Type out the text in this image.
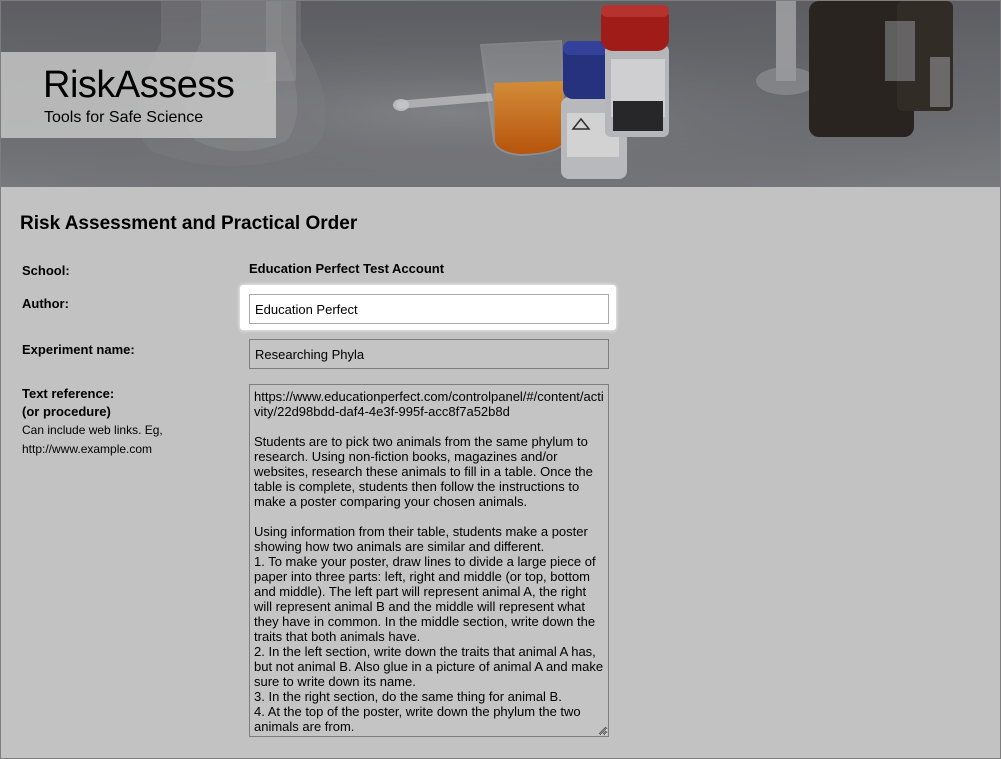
RiskAssess
Tools for Safe Science
Risk Assessment and Practical Order
School:	Education Perfect Test Account
Author:
Education Perfect
Experiment name:
Researching Phyla
Text reference:
(or procedure)
Can include web links. Eg,
http://www.example.com
https://www.educationperfect.com/controlpanel/#/content/activity/22d98bdd-daf4-4e3f-995f-acc8f7a52b8d Students are to pick two animals from the same phylum to research. Using non-fiction books, magazines and/or websites, research these animals to fill in a table. Once the table is complete, students then follow the instructions to make a poster comparing your chosen animals. Using information from their table, students make a poster showing how two animals are similar and different. 1. To make your poster, draw lines to divide a large piece of paper into three parts: left, right and middle (or top, bottom and middle). The left part will represent animal A, the right will represent animal B and the middle will represent what they have in common. In the middle section, write down the traits that both animals have. 2. In the left section, write down the traits that animal A has, but not animal B. Also glue in a picture of animal A and make sure to write down its name. 3. In the right section, do the same thing for animal B. 4. At the top of the poster, write down the phylum the two animals are from.
